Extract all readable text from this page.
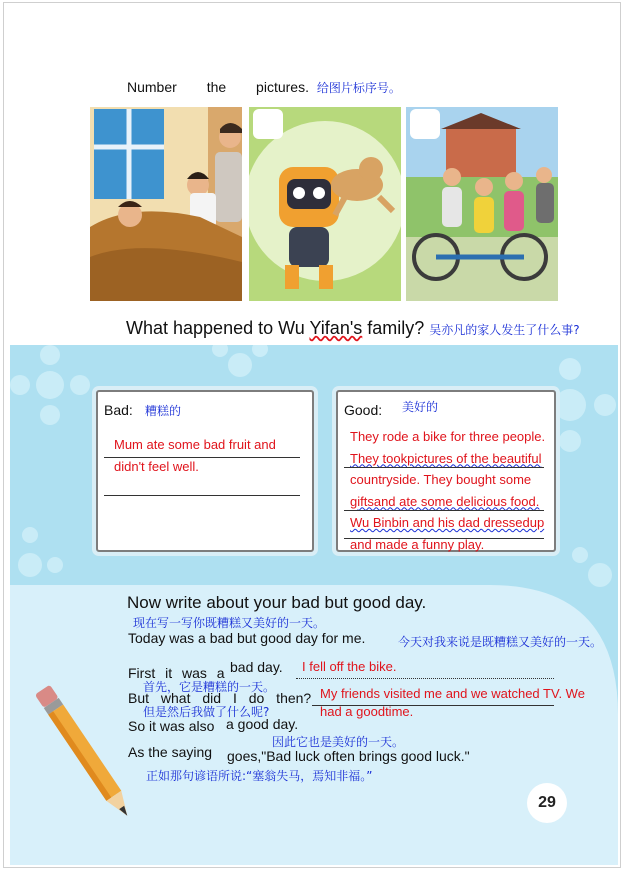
Number the pictures. 给图片标序号。
What happened to Wu Yifan's family? 吴亦凡的家人发生了什么事?
Bad: 糟糕的
Mum ate some bad fruit and
didn't feel well.
Good: 美好的
They rode a bike for three people.
They tookpictures of the beautiful
countryside. They bought some
giftsand ate some delicious food.
Wu Binbin and his dad dressedup
and made a funny play.
Now write about your bad but good day.
现在写一写你既糟糕又美好的一天。
Today was a bad but good day for me.	今天对我来说是既糟糕又美好的一天。
First it was a bad day. I fell off the bike.
首先，它是糟糕的一天。
But what did I do then? My friends visited me and we watched TV. We had a goodtime.
但是然后我做了什么呢?
So it was also a good day.
因此它也是美好的一天。
As the saying goes,"Bad luck often brings good luck."
正如那句谚语所说:“塞翁失马，焉知非福。”
29
